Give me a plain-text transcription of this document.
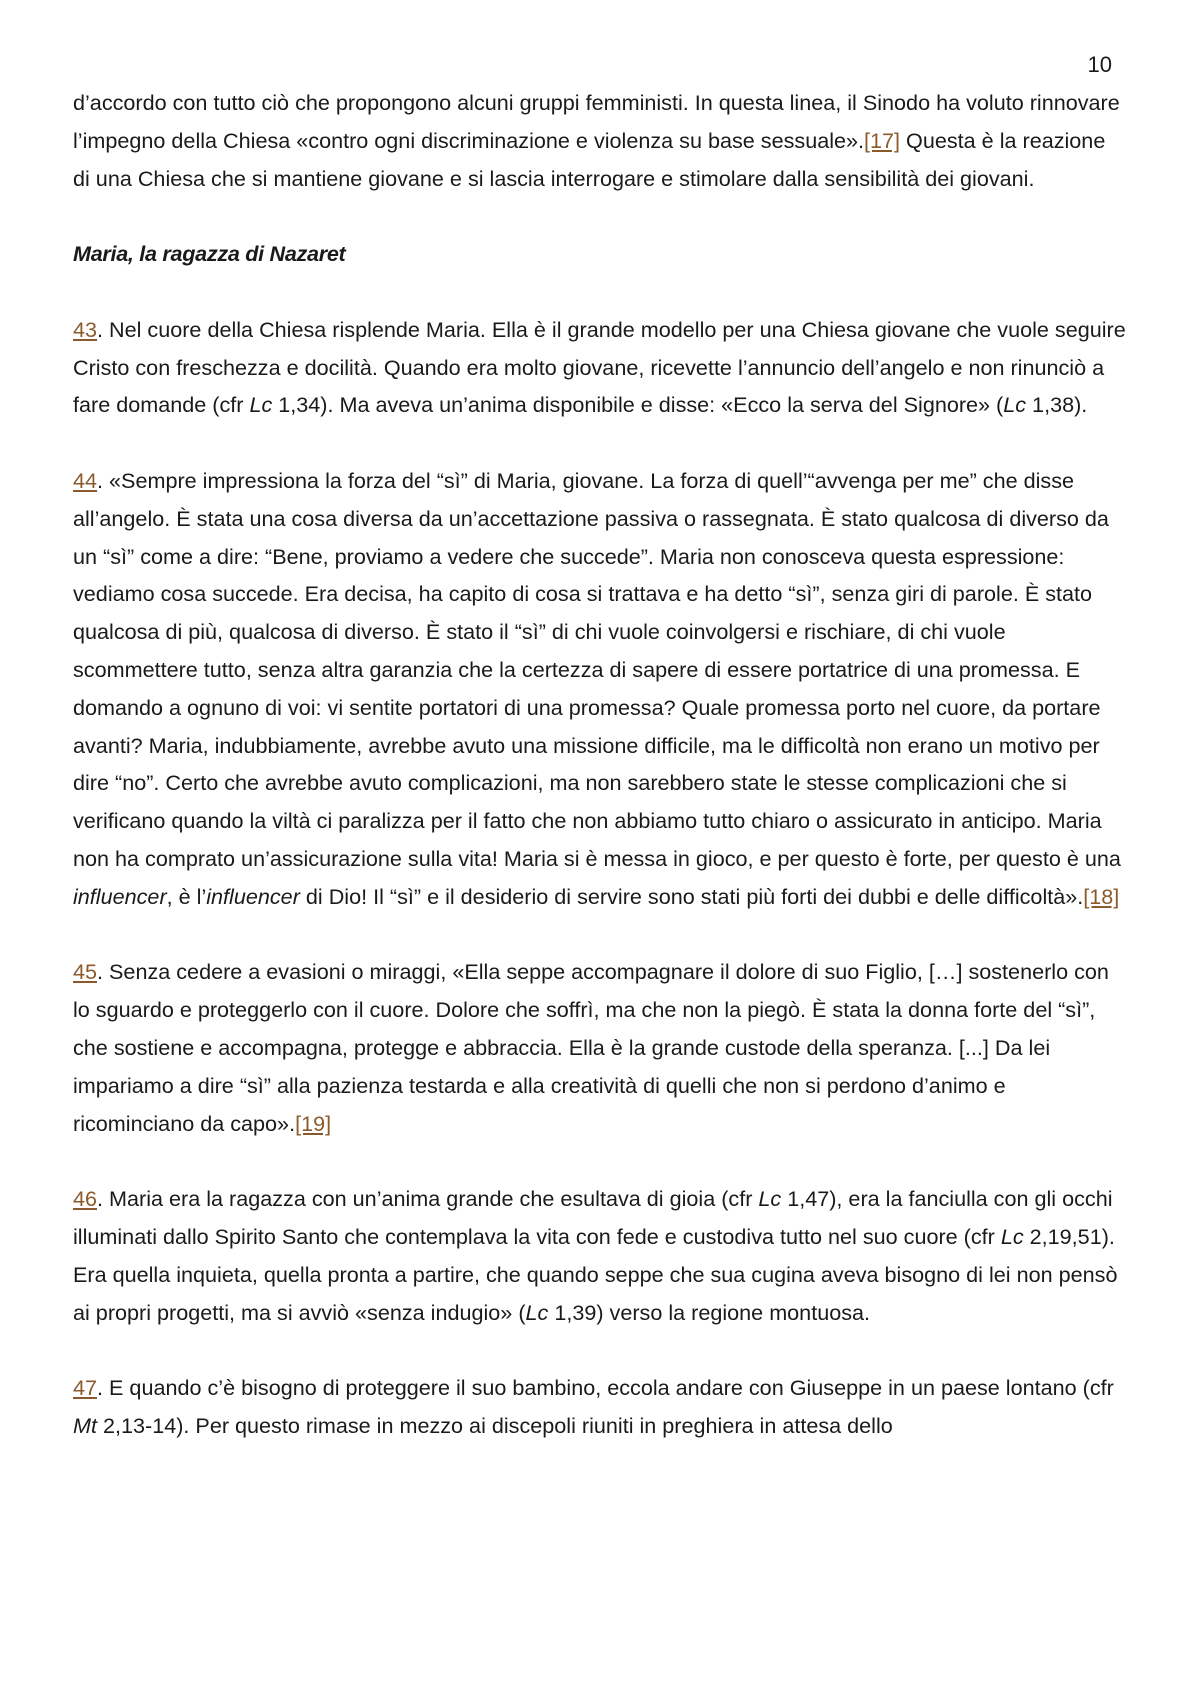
10

d’accordo con tutto ciò che propongono alcuni gruppi femministi. In questa linea, il Sinodo ha voluto rinnovare l’impegno della Chiesa «contro ogni discriminazione e violenza su base sessuale».[17] Questa è la reazione di una Chiesa che si mantiene giovane e si lascia interrogare e stimolare dalla sensibilità dei giovani.

Maria, la ragazza di Nazaret

43. Nel cuore della Chiesa risplende Maria. Ella è il grande modello per una Chiesa giovane che vuole seguire Cristo con freschezza e docilità. Quando era molto giovane, ricevette l’annuncio dell’angelo e non rinunciò a fare domande (cfr Lc 1,34). Ma aveva un’anima disponibile e disse: «Ecco la serva del Signore» (Lc 1,38).

44. «Sempre impressiona la forza del “sì” di Maria, giovane. La forza di quell’“avvenga per me” che disse all’angelo. È stata una cosa diversa da un’accettazione passiva o rassegnata. È stato qualcosa di diverso da un “sì” come a dire: “Bene, proviamo a vedere che succede”. Maria non conosceva questa espressione: vediamo cosa succede. Era decisa, ha capito di cosa si trattava e ha detto “sì”, senza giri di parole. È stato qualcosa di più, qualcosa di diverso. È stato il “sì” di chi vuole coinvolgersi e rischiare, di chi vuole scommettere tutto, senza altra garanzia che la certezza di sapere di essere portatrice di una promessa. E domando a ognuno di voi: vi sentite portatori di una promessa? Quale promessa porto nel cuore, da portare avanti? Maria, indubbiamente, avrebbe avuto una missione difficile, ma le difficoltà non erano un motivo per dire “no”. Certo che avrebbe avuto complicazioni, ma non sarebbero state le stesse complicazioni che si verificano quando la viltà ci paralizza per il fatto che non abbiamo tutto chiaro o assicurato in anticipo. Maria non ha comprato un’assicurazione sulla vita! Maria si è messa in gioco, e per questo è forte, per questo è una influencer, è l’influencer di Dio! Il “sì” e il desiderio di servire sono stati più forti dei dubbi e delle difficoltà».[18]

45. Senza cedere a evasioni o miraggi, «Ella seppe accompagnare il dolore di suo Figlio, […] sostenerlo con lo sguardo e proteggerlo con il cuore. Dolore che soffrì, ma che non la piegò. È stata la donna forte del “sì”, che sostiene e accompagna, protegge e abbraccia. Ella è la grande custode della speranza. [...] Da lei impariamo a dire “sì” alla pazienza testarda e alla creatività di quelli che non si perdono d’animo e ricominciano da capo».[19]

46. Maria era la ragazza con un’anima grande che esultava di gioia (cfr Lc 1,47), era la fanciulla con gli occhi illuminati dallo Spirito Santo che contemplava la vita con fede e custodiva tutto nel suo cuore (cfr Lc 2,19,51). Era quella inquieta, quella pronta a partire, che quando seppe che sua cugina aveva bisogno di lei non pensò ai propri progetti, ma si avviò «senza indugio» (Lc 1,39) verso la regione montuosa.

47. E quando c’è bisogno di proteggere il suo bambino, eccola andare con Giuseppe in un paese lontano (cfr Mt 2,13-14). Per questo rimase in mezzo ai discepoli riuniti in preghiera in attesa dello
